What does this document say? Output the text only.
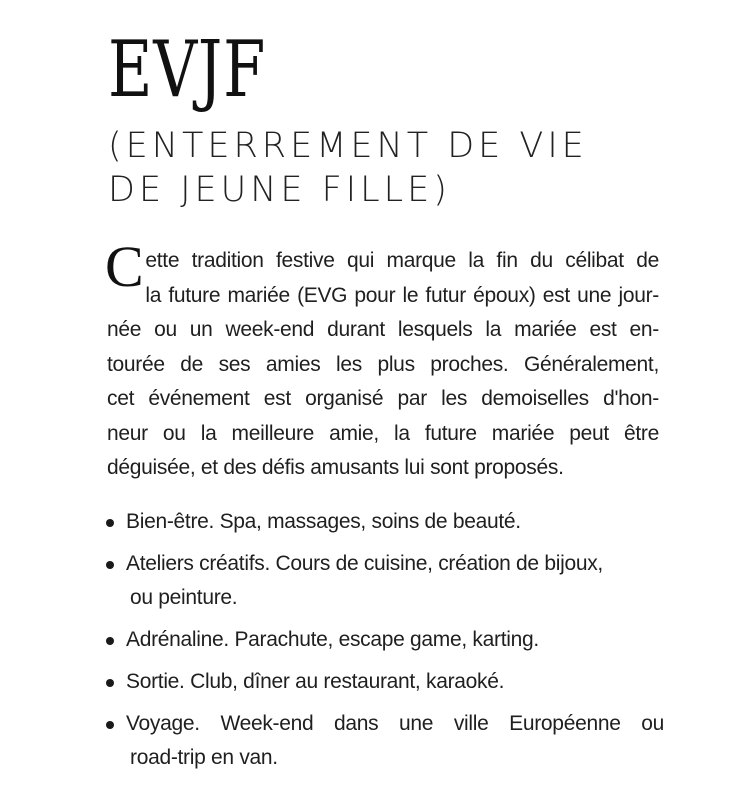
EVJF
(ENTERREMENT DE VIE
DE JEUNE FILLE)
C ette tradition festive qui marque la fin du célibat de
la future mariée (EVG pour le futur époux) est une jour-
née ou un week-end durant lesquels la mariée est en-
tourée de ses amies les plus proches. Généralement,
cet événement est organisé par les demoiselles d'hon-
neur ou la meilleure amie, la future mariée peut être
déguisée, et des défis amusants lui sont proposés.
Bien-être. Spa, massages, soins de beauté.
Ateliers créatifs. Cours de cuisine, création de bijoux,
ou peinture.
Adrénaline. Parachute, escape game, karting.
Sortie. Club, dîner au restaurant, karaoké.
Voyage. Week-end dans une ville Européenne ou
road-trip en van.
